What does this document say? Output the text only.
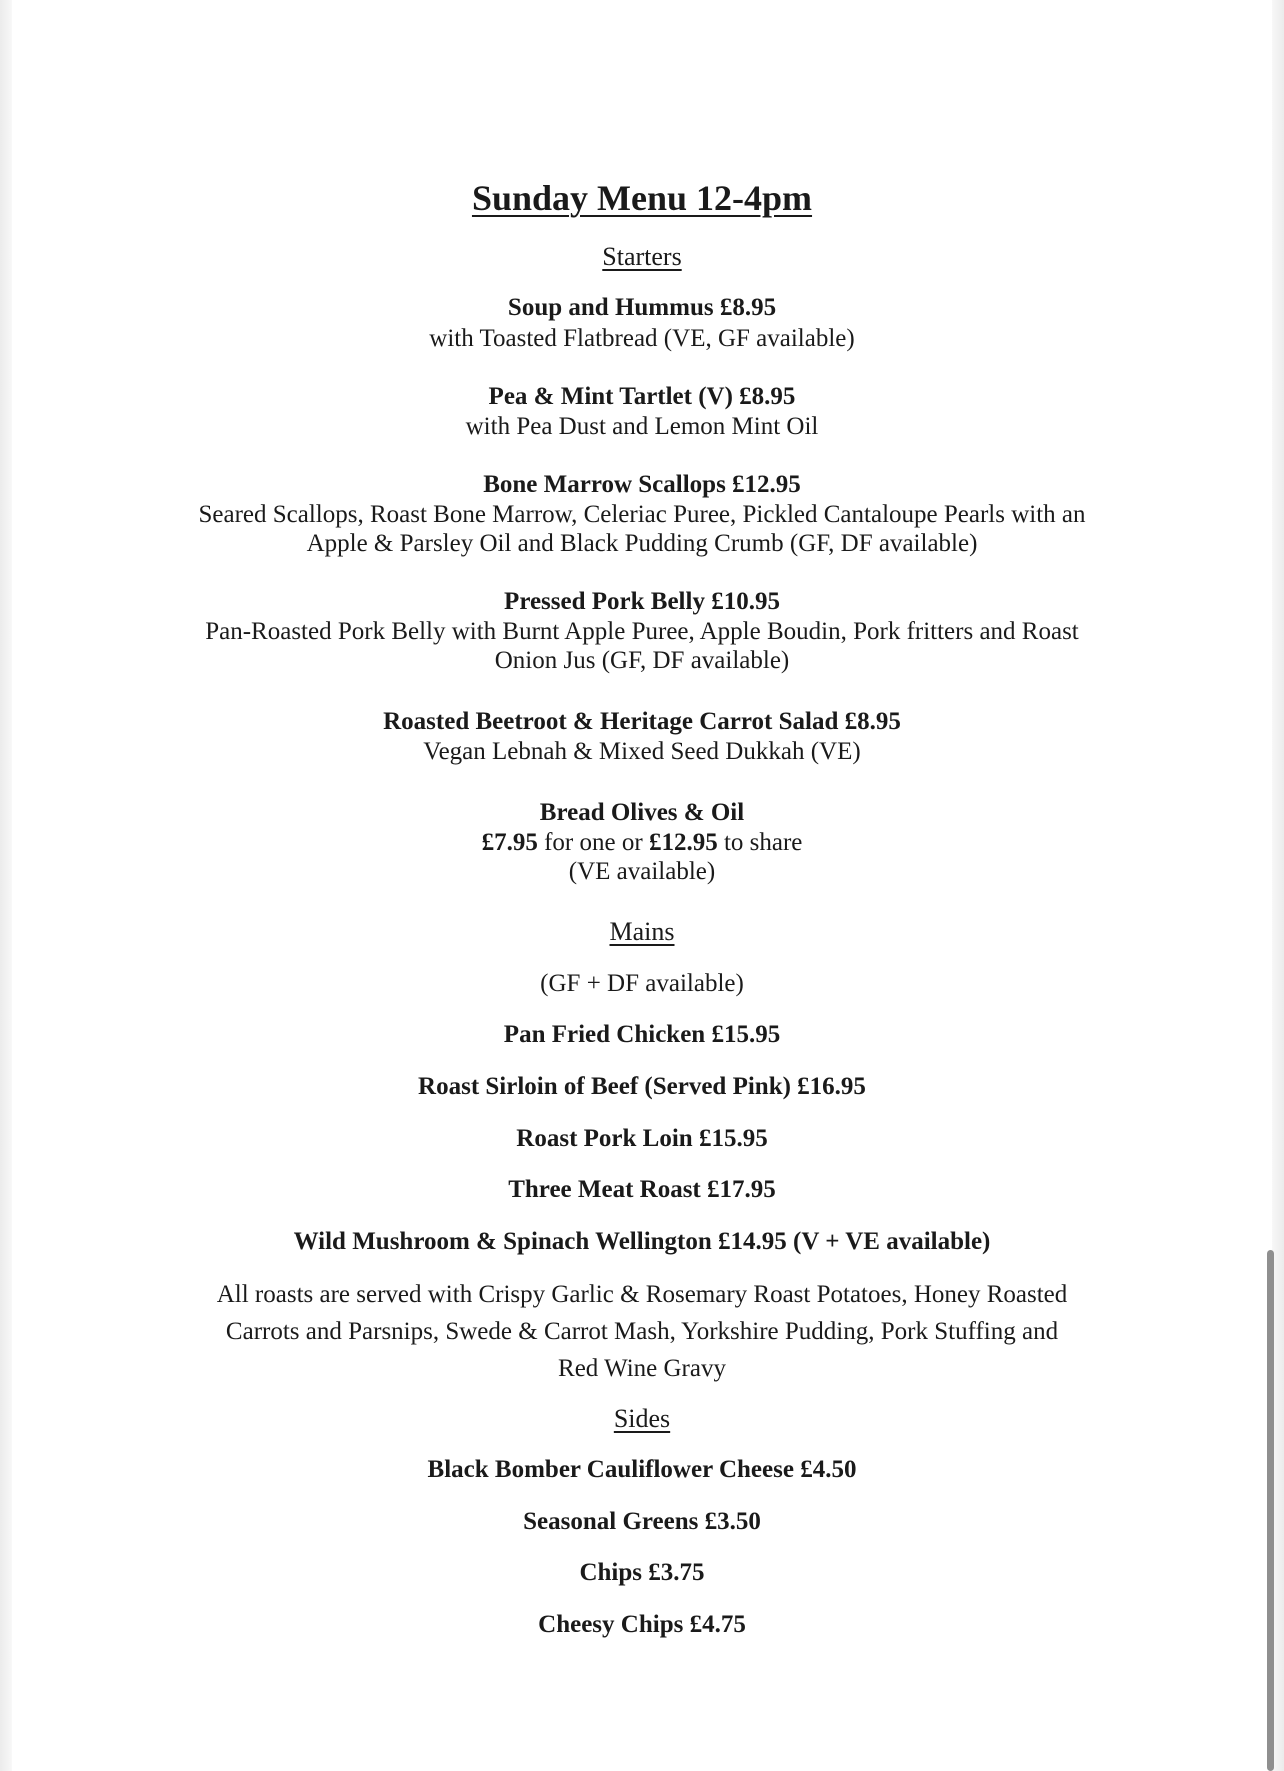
Sunday Menu 12-4pm
Starters
Soup and Hummus £8.95
with Toasted Flatbread (VE, GF available)
Pea & Mint Tartlet (V) £8.95
with Pea Dust and Lemon Mint Oil
Bone Marrow Scallops £12.95
Seared Scallops, Roast Bone Marrow, Celeriac Puree, Pickled Cantaloupe Pearls with an
Apple & Parsley Oil and Black Pudding Crumb (GF, DF available)
Pressed Pork Belly £10.95
Pan-Roasted Pork Belly with Burnt Apple Puree, Apple Boudin, Pork fritters and Roast
Onion Jus (GF, DF available)
Roasted Beetroot & Heritage Carrot Salad £8.95
Vegan Lebnah & Mixed Seed Dukkah (VE)
Bread Olives & Oil
£7.95 for one or £12.95 to share
(VE available)
Mains
(GF + DF available)
Pan Fried Chicken £15.95
Roast Sirloin of Beef (Served Pink) £16.95
Roast Pork Loin £15.95
Three Meat Roast £17.95
Wild Mushroom & Spinach Wellington £14.95 (V + VE available)
All roasts are served with Crispy Garlic & Rosemary Roast Potatoes, Honey Roasted
Carrots and Parsnips, Swede & Carrot Mash, Yorkshire Pudding, Pork Stuffing and
Red Wine Gravy
Sides
Black Bomber Cauliflower Cheese £4.50
Seasonal Greens £3.50
Chips £3.75
Cheesy Chips £4.75
